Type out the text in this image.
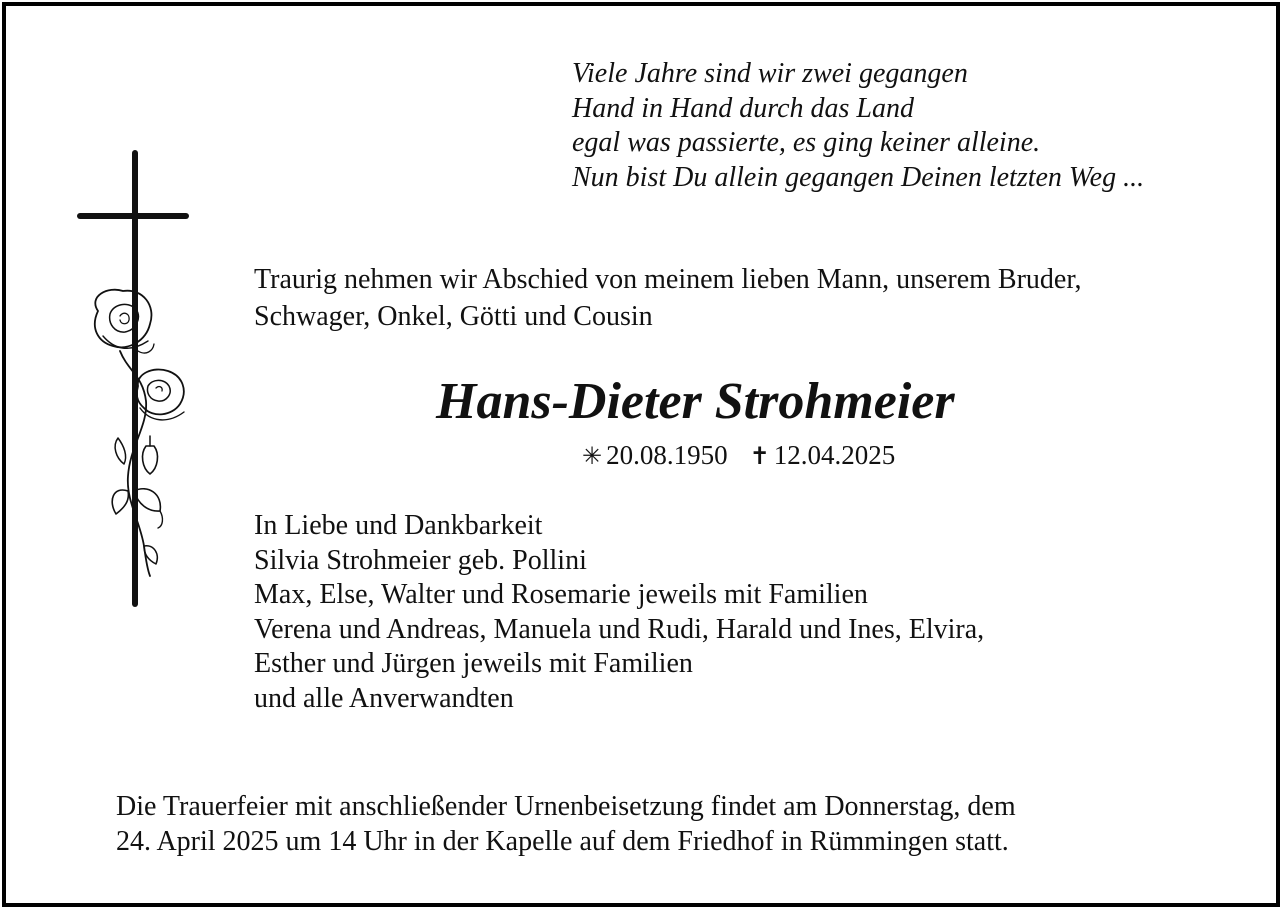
Viele Jahre sind wir zwei gegangen
Hand in Hand durch das Land
egal was passierte, es ging keiner alleine.
Nun bist Du allein gegangen Deinen letzten Weg ...
Traurig nehmen wir Abschied von meinem lieben Mann, unserem Bruder,
Schwager, Onkel, Götti und Cousin
Hans-Dieter Strohmeier
✳ 20.08.1950 ✝ 12.04.2025
In Liebe und Dankbarkeit
Silvia Strohmeier geb. Pollini
Max, Else, Walter und Rosemarie jeweils mit Familien
Verena und Andreas, Manuela und Rudi, Harald und Ines, Elvira,
Esther und Jürgen jeweils mit Familien
und alle Anverwandten
Die Trauerfeier mit anschließender Urnenbeisetzung findet am Donnerstag, dem
24. April 2025 um 14 Uhr in der Kapelle auf dem Friedhof in Rümmingen statt.
